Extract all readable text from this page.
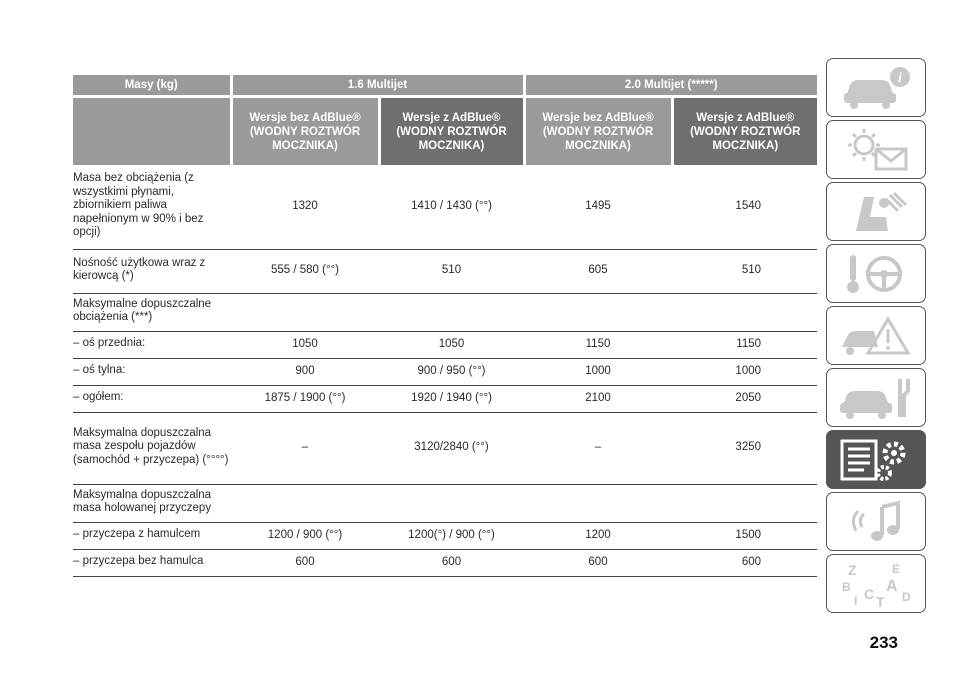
Masy (kg)	1.6 Multijet		2.0 Multijet (*****)	
	Wersje bez AdBlue® (WODNY ROZTWÓR MOCZNIKA)	Wersje z AdBlue® (WODNY ROZTWÓR MOCZNIKA)	Wersje bez AdBlue® (WODNY ROZTWÓR MOCZNIKA)	Wersje z AdBlue® (WODNY ROZTWÓR MOCZNIKA)
Masa bez obciążenia (z wszystkimi płynami, zbiornikiem paliwa napełnionym w 90% i bez opcji)	1320	1410 / 1430 (°°)	1495	1540
Nośność użytkowa wraz z kierowcą (*)	555 / 580 (°°)	510	605	510
Maksymalne dopuszczalne obciążenia (***)				
– oś przednia:	1050	1050	1150	1150
– oś tylna:	900	900 / 950 (°°)	1000	1000
– ogółem:	1875 / 1900 (°°)	1920 / 1940 (°°)	2100	2050
Maksymalna dopuszczalna masa zespołu pojazdów (samochód + przyczepa) (°°°°)	–	3120/2840 (°°)	–	3250
Maksymalna dopuszczalna masa holowanej przyczepy				
– przyczepa z hamulcem	1200 / 900 (°°)	1200(°) / 900 (°°)	1200	1500
– przyczepa bez hamulca	600	600	600	600
i
Z	E
B A
C D
I T
233
